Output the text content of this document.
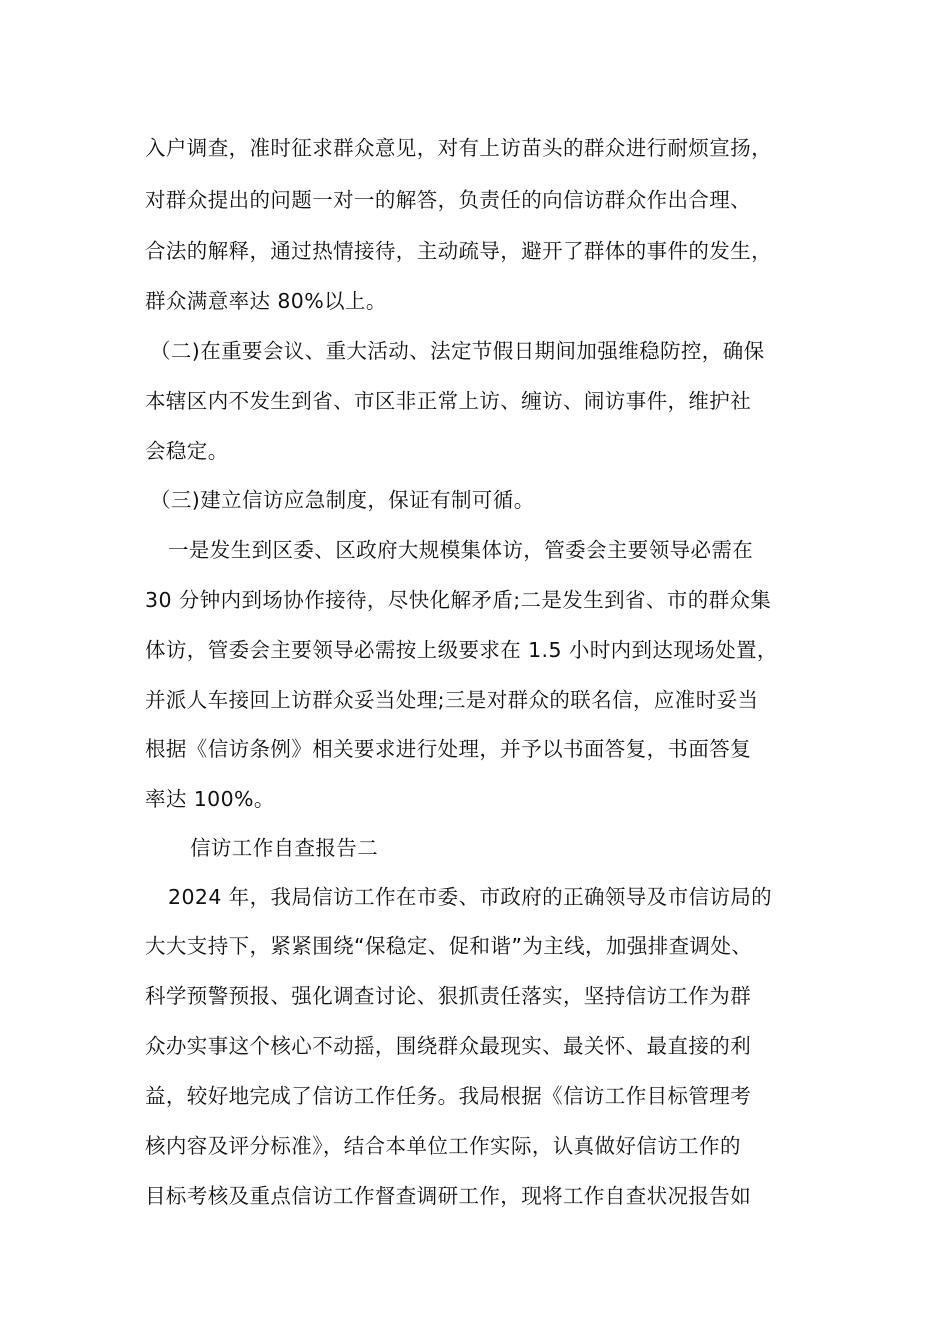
入户调查，准时征求群众意见，对有上访苗头的群众进行耐烦宣扬，
对群众提出的问题一对一的解答，负责任的向信访群众作出合理、
合法的解释，通过热情接待，主动疏导，避开了群体的事件的发生，
群众满意率达 80%以上。
（二)在重要会议、重大活动、法定节假日期间加强维稳防控，确保
本辖区内不发生到省、市区非正常上访、缠访、闹访事件，维护社
会稳定。
（三)建立信访应急制度，保证有制可循。
一是发生到区委、区政府大规模集体访，管委会主要领导必需在
30 分钟内到场协作接待，尽快化解矛盾;二是发生到省、市的群众集
体访，管委会主要领导必需按上级要求在 1.5 小时内到达现场处置，
并派人车接回上访群众妥当处理;三是对群众的联名信，应准时妥当
根据《信访条例》相关要求进行处理，并予以书面答复，书面答复
率达 100%。
信访工作自查报告二
2024 年，我局信访工作在市委、市政府的正确领导及市信访局的
大大支持下，紧紧围绕“保稳定、促和谐”为主线，加强排查调处、
科学预警预报、强化调查讨论、狠抓责任落实，坚持信访工作为群
众办实事这个核心不动摇，围绕群众最现实、最关怀、最直接的利
益，较好地完成了信访工作任务。我局根据《信访工作目标管理考
核内容及评分标准》，结合本单位工作实际，认真做好信访工作的
目标考核及重点信访工作督查调研工作，现将工作自查状况报告如
